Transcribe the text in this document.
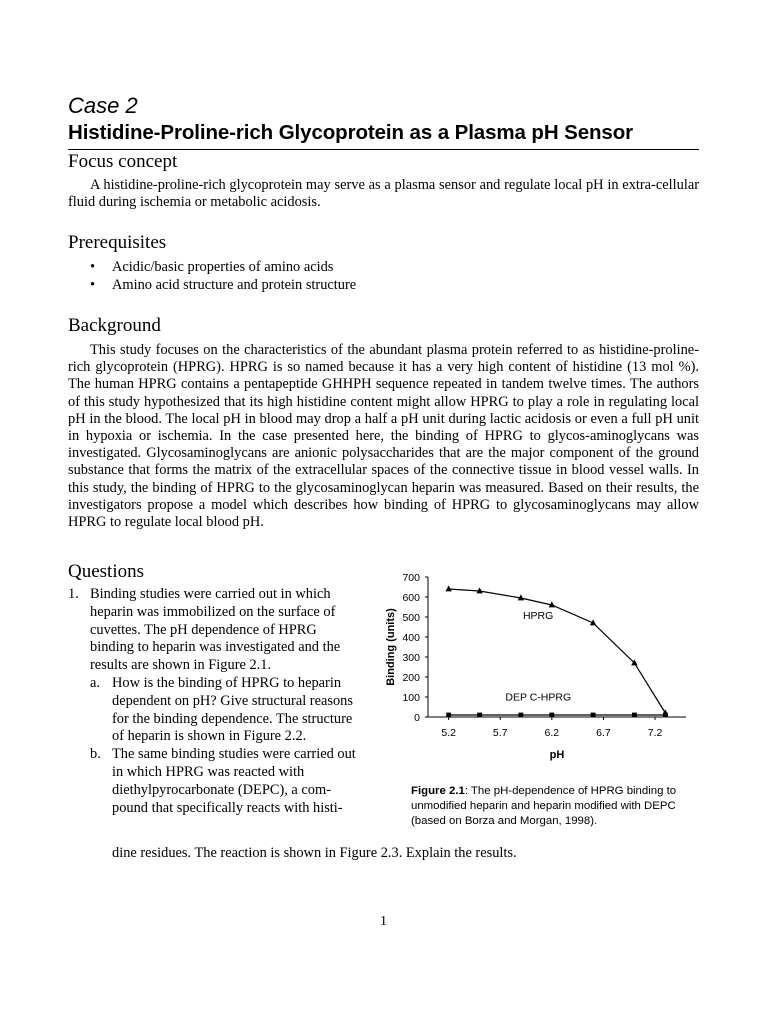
Case 2
Histidine-Proline-rich Glycoprotein as a Plasma pH Sensor
Focus concept

A histidine-proline-rich glycoprotein may serve as a plasma sensor and regulate local pH in extra-cellular fluid during ischemia or metabolic acidosis.

Prerequisites
• Acidic/basic properties of amino acids
• Amino acid structure and protein structure
Background

This study focuses on the characteristics of the abundant plasma protein referred to as histidine-proline-rich glycoprotein (HPRG). HPRG is so named because it has a very high content of histidine (13 mol %). The human HPRG contains a pentapeptide GHHPH sequence repeated in tandem twelve times. The authors of this study hypothesized that its high histidine content might allow HPRG to play a role in regulating local pH in the blood. The local pH in blood may drop a half a pH unit during lactic acidosis or even a full pH unit in hypoxia or ischemia. In the case presented here, the binding of HPRG to glycos-aminoglycans was investigated. Glycosaminoglycans are anionic polysaccharides that are the major component of the ground substance that forms the matrix of the extracellular spaces of the connective tissue in blood vessel walls. In this study, the binding of HPRG to the glycosaminoglycan heparin was measured. Based on their results, the investigators propose a model which describes how binding of HPRG to glycosaminoglycans may allow HPRG to regulate local blood pH.

Questions
1. Binding studies were carried out in which heparin was immobilized on the surface of cuvettes. The pH dependence of HPRG binding to heparin was investigated and the results are shown in Figure 2.1.
a. How is the binding of HPRG to heparin dependent on pH? Give structural reasons for the binding dependence. The structure of heparin is shown in Figure 2.2.
b. The same binding studies were carried out in which HPRG was reacted with diethylpyrocarbonate (DEPC), a com-pound that specifically reacts with histi-
dine residues. The reaction is shown in Figure 2.3. Explain the results.
0
100
200
300
400
500
600
700
5.2	5.7	6.2	6.7	7.2
pH
Binding (units)	HPRG
DEP C-HPRG
Figure 2.1: The pH-dependence of HPRG binding to unmodified heparin and heparin modified with DEPC (based on Borza and Morgan, 1998).
1
